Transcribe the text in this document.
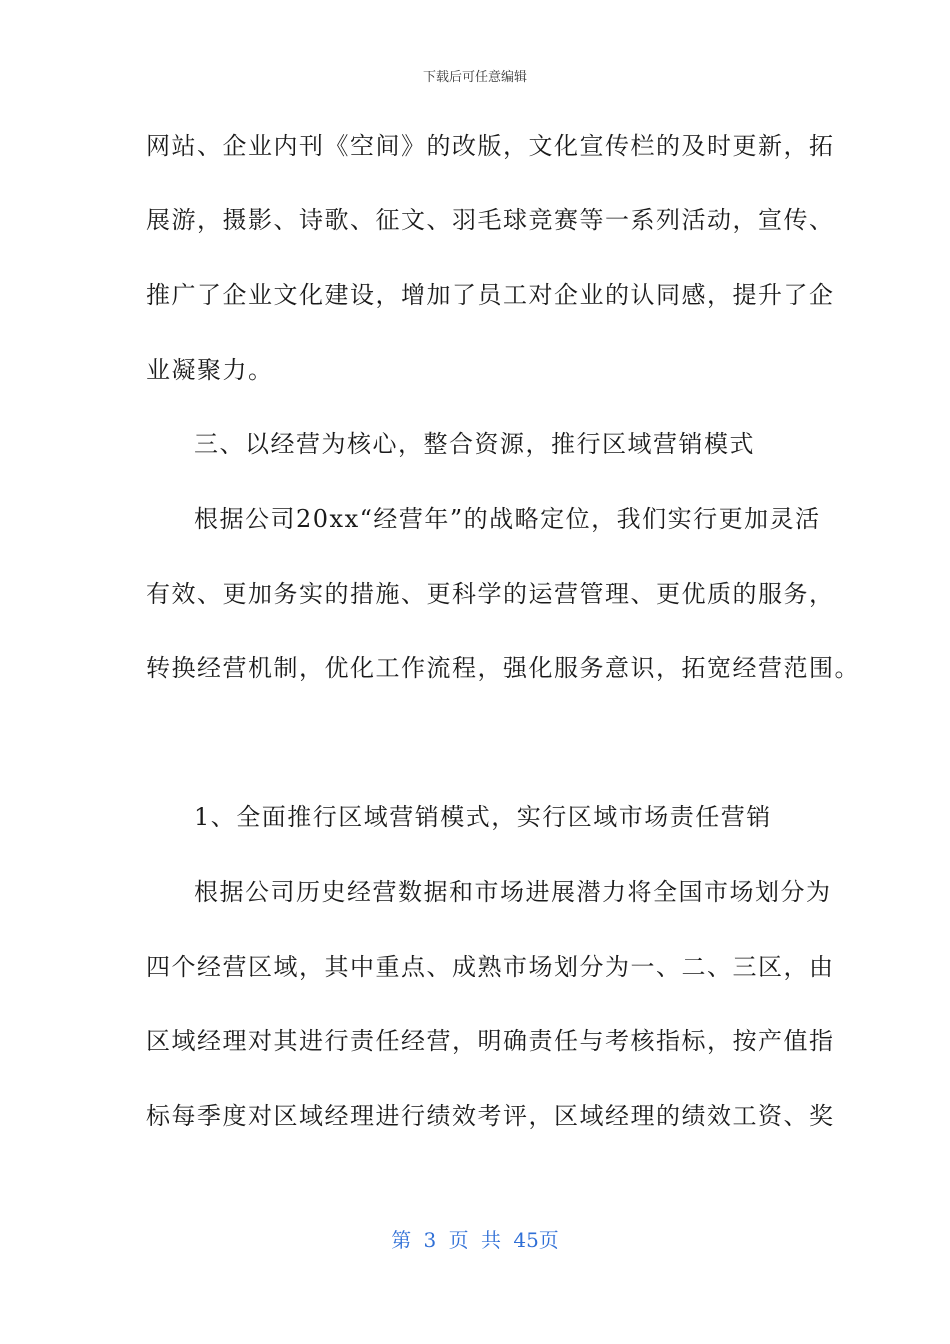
下载后可任意编辑
网站、企业内刊《空间》的改版，文化宣传栏的及时更新，拓
展游，摄影、诗歌、征文、羽毛球竞赛等一系列活动，宣传、
推广了企业文化建设，增加了员工对企业的认同感，提升了企
业凝聚力。
三、以经营为核心，整合资源，推行区域营销模式
根据公司20xx“经营年”的战略定位，我们实行更加灵活
有效、更加务实的措施、更科学的运营管理、更优质的服务，
转换经营机制，优化工作流程，强化服务意识，拓宽经营范围。
1、全面推行区域营销模式，实行区域市场责任营销
根据公司历史经营数据和市场进展潜力将全国市场划分为
四个经营区域，其中重点、成熟市场划分为一、二、三区，由
区域经理对其进行责任经营，明确责任与考核指标，按产值指
标每季度对区域经理进行绩效考评，区域经理的绩效工资、奖
第 3 页 共 45页
